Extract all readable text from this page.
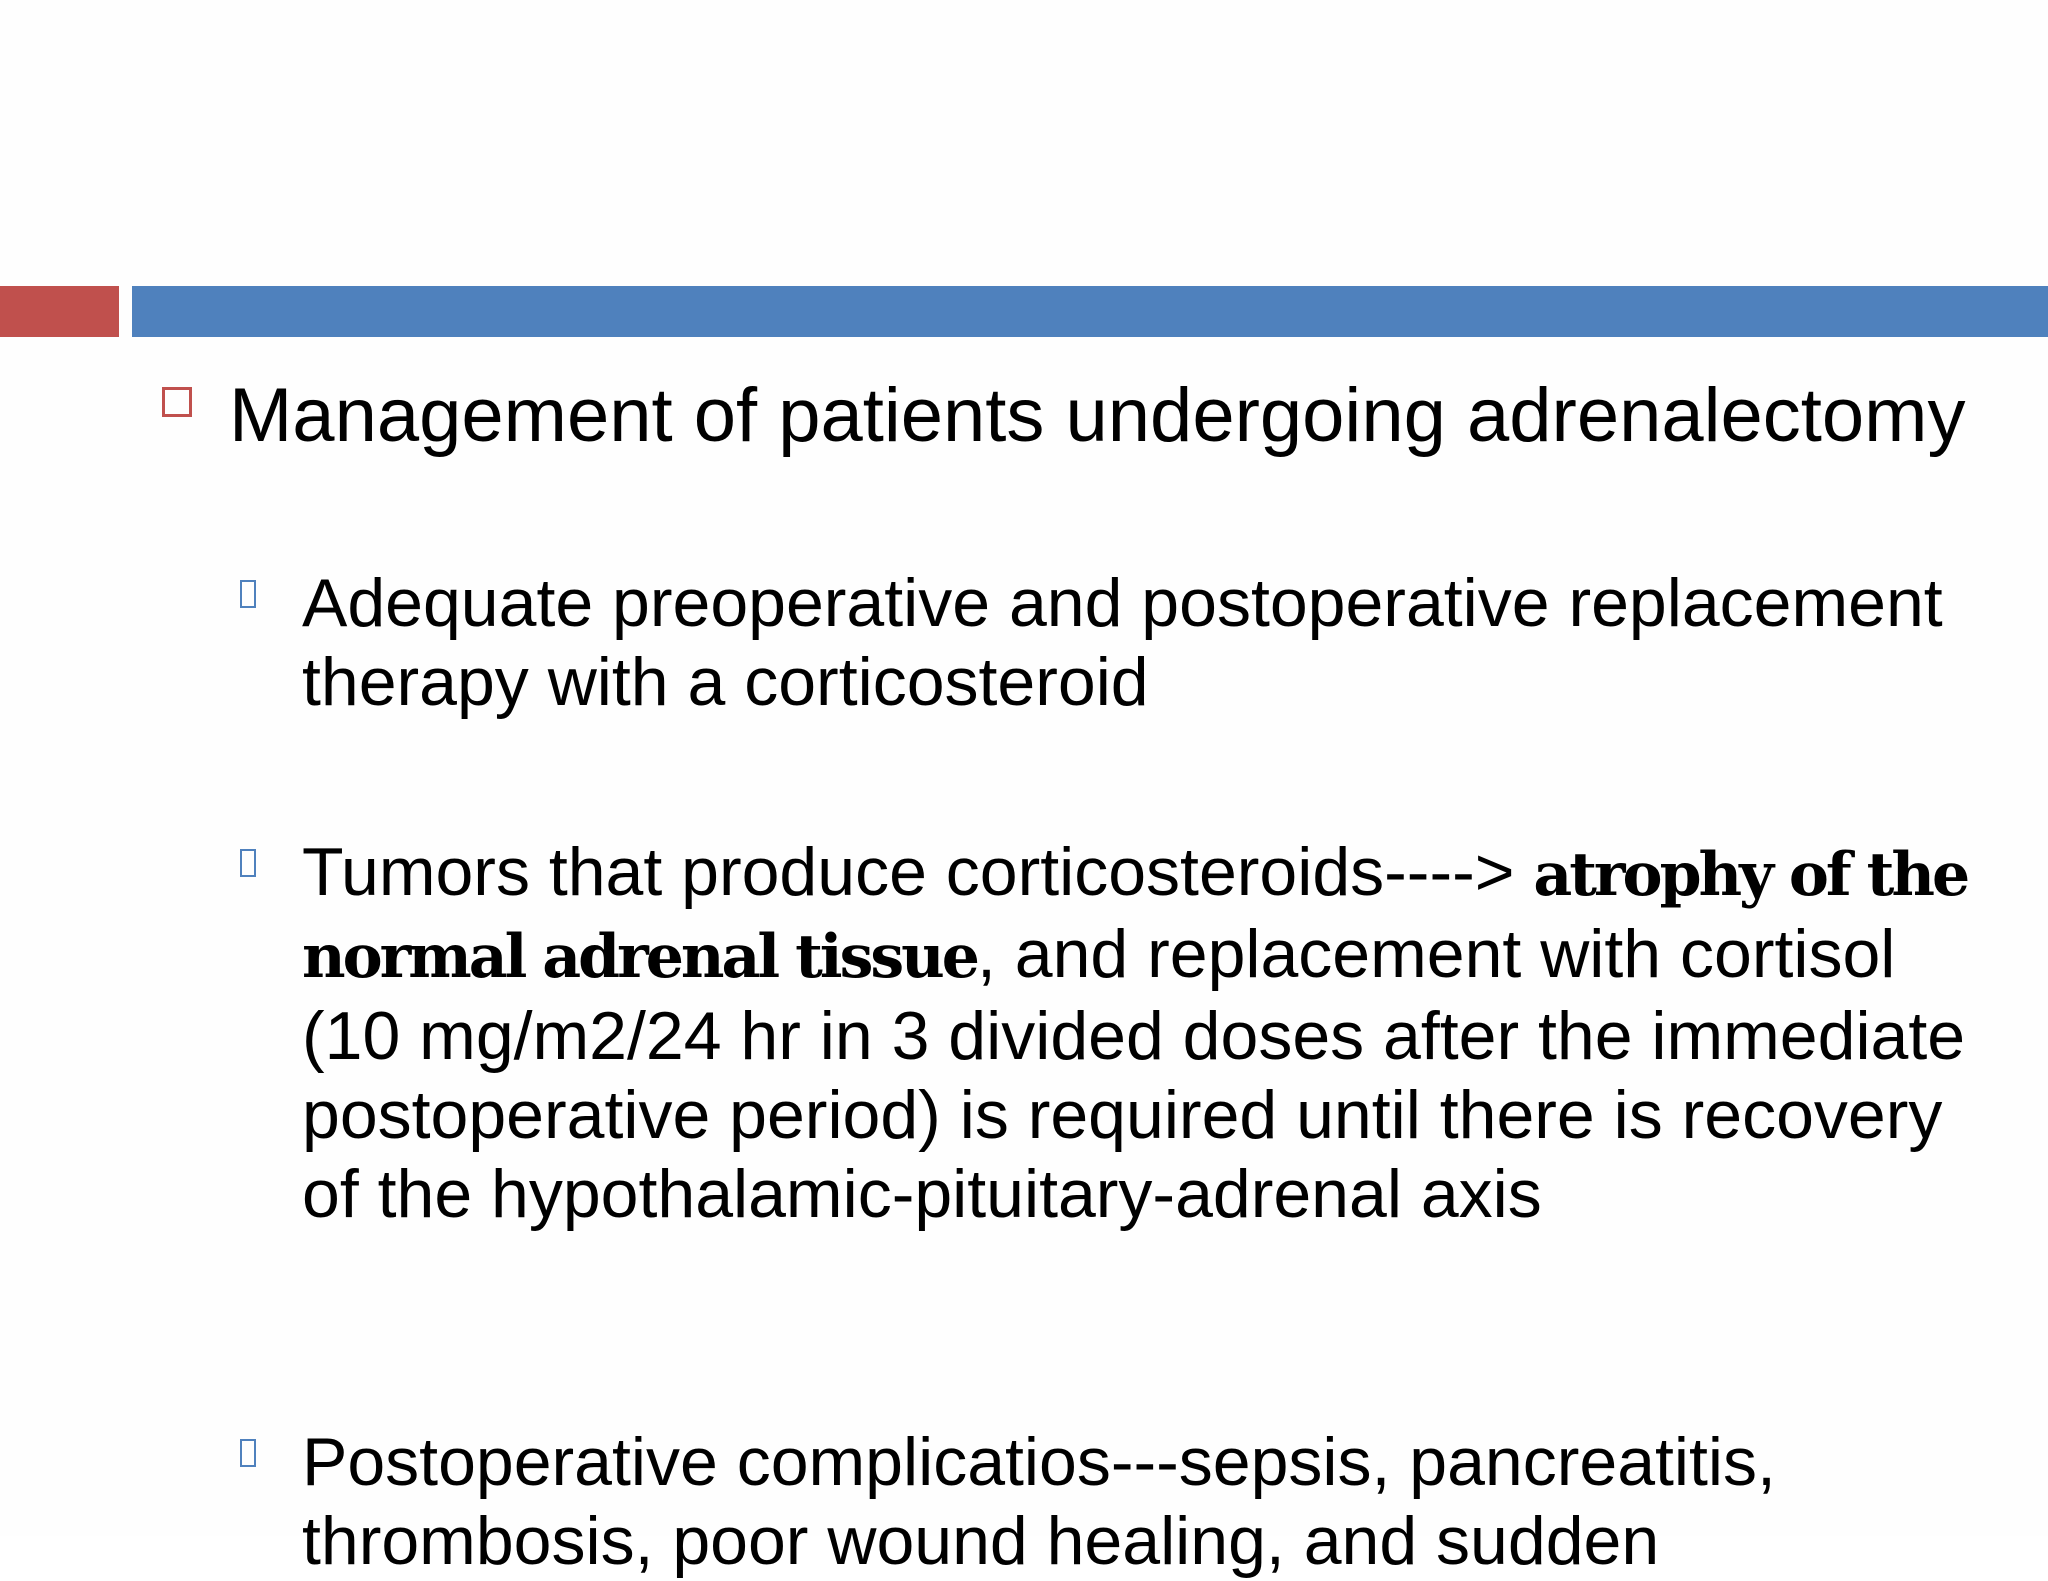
Management of patients undergoing adrenalectomy
Adequate preoperative and postoperative replacement therapy with a corticosteroid
Tumors that produce corticosteroids----> atrophy of the normal adrenal tissue, and replacement with cortisol (10 mg/m2/24 hr in 3 divided doses after the immediate postoperative period) is required until there is recovery of the hypothalamic-pituitary-adrenal axis
Postoperative complicatios---sepsis, pancreatitis, thrombosis, poor wound healing, and sudden
